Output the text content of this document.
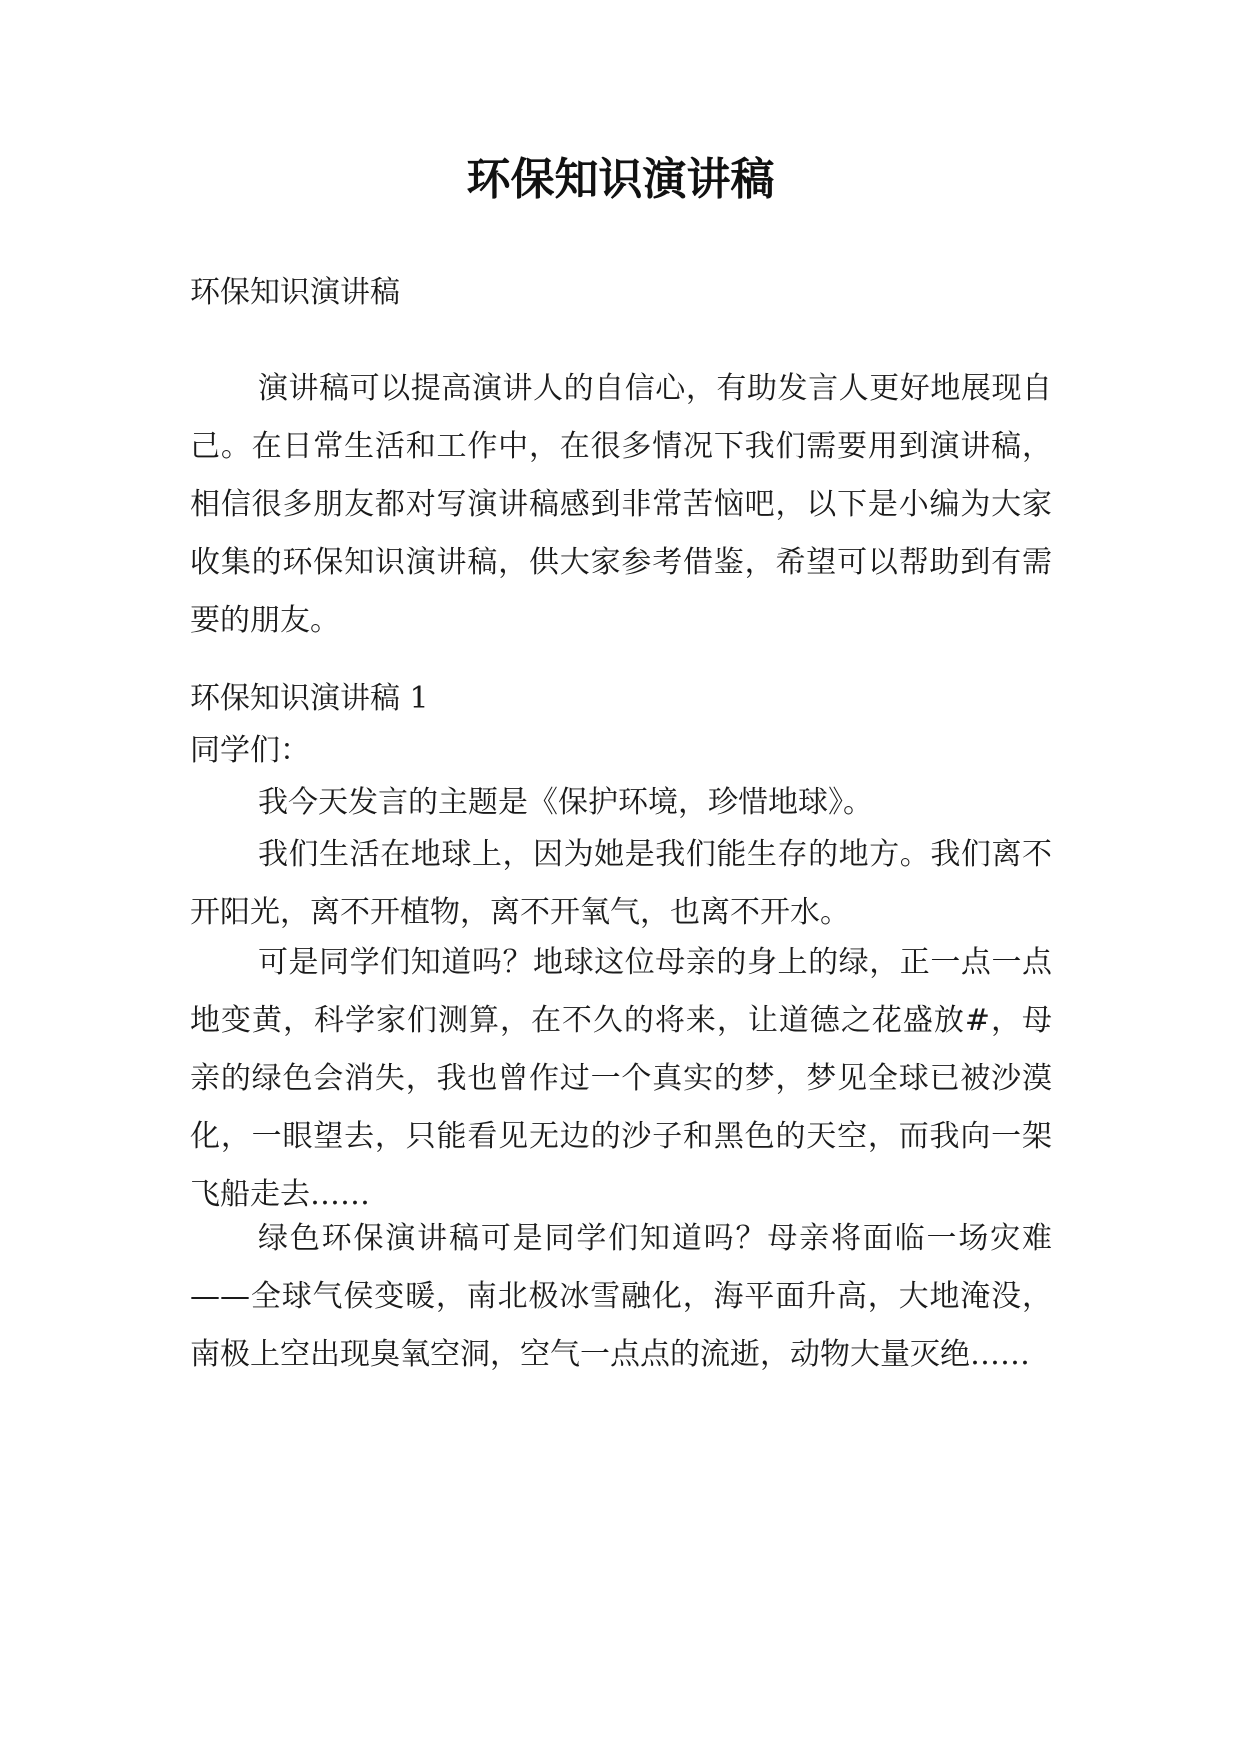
环保知识演讲稿

环保知识演讲稿

演讲稿可以提高演讲人的自信心，有助发言人更好地展现自己。在日常生活和工作中，在很多情况下我们需要用到演讲稿，相信很多朋友都对写演讲稿感到非常苦恼吧，以下是小编为大家收集的环保知识演讲稿，供大家参考借鉴，希望可以帮助到有需要的朋友。

环保知识演讲稿 1

同学们：

我今天发言的主题是《保护环境，珍惜地球》。

我们生活在地球上，因为她是我们能生存的地方。我们离不开阳光，离不开植物，离不开氧气，也离不开水。

可是同学们知道吗？地球这位母亲的身上的绿，正一点一点地变黄，科学家们测算，在不久的将来，让道德之花盛放#，母亲的绿色会消失，我也曾作过一个真实的梦，梦见全球已被沙漠化，一眼望去，只能看见无边的沙子和黑色的天空，而我向一架飞船走去……

绿色环保演讲稿可是同学们知道吗？母亲将面临一场灾难——全球气侯变暖，南北极冰雪融化，海平面升高，大地淹没，南极上空出现臭氧空洞，空气一点点的流逝，动物大量灭绝……
